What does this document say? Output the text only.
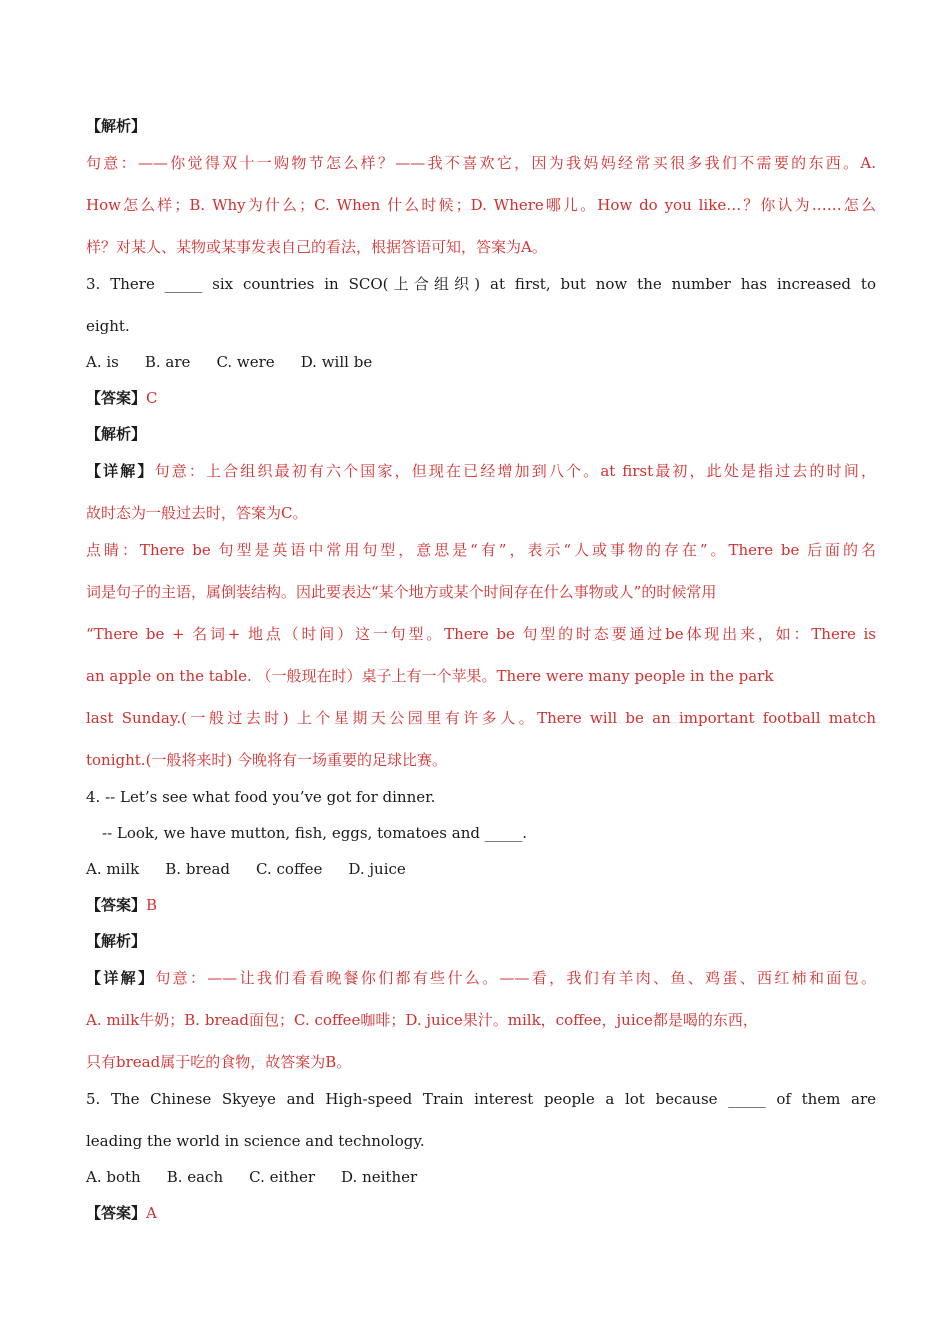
【解析】
句意：——你觉得双十一购物节怎么样？——我不喜欢它，因为我妈妈经常买很多我们不需要的东西。A.
How怎么样；B. Why为什么；C. When 什么时候；D. Where哪儿。How do you like…？你认为……怎么
样？对某人、某物或某事发表自己的看法，根据答语可知，答案为A。
3. There _____ six countries in SCO(上合组织) at first, but now the number has increased to
eight.
A. is B. are C. were D. will be
【答案】C
【解析】
【详解】句意：上合组织最初有六个国家，但现在已经增加到八个。at first最初，此处是指过去的时间，
故时态为一般过去时，答案为C。
点睛：There be 句型是英语中常用句型，意思是“有”，表示“人或事物的存在”。There be 后面的名
词是句子的主语，属倒装结构。因此要表达“某个地方或某个时间存在什么事物或人”的时候常用
“There be + 名词+ 地点（时间）这一句型。There be 句型的时态要通过be体现出来，如：There is
an apple on the table. （一般现在时）桌子上有一个苹果。There were many people in the park
last Sunday.(一般过去时) 上个星期天公园里有许多人。There will be an important football match
tonight.(一般将来时) 今晚将有一场重要的足球比赛。
4. -- Let’s see what food you’ve got for dinner.
-- Look, we have mutton, fish, eggs, tomatoes and _____.
A. milk B. bread C. coffee D. juice
【答案】B
【解析】
【详解】句意：——让我们看看晚餐你们都有些什么。——看，我们有羊肉、鱼、鸡蛋、西红柿和面包。
A. milk牛奶；B. bread面包；C. coffee咖啡；D. juice果汁。milk，coffee，juice都是喝的东西，
只有bread属于吃的食物，故答案为B。
5. The Chinese Skyeye and High-speed Train interest people a lot because _____ of them are
leading the world in science and technology.
A. both B. each C. either D. neither
【答案】A
